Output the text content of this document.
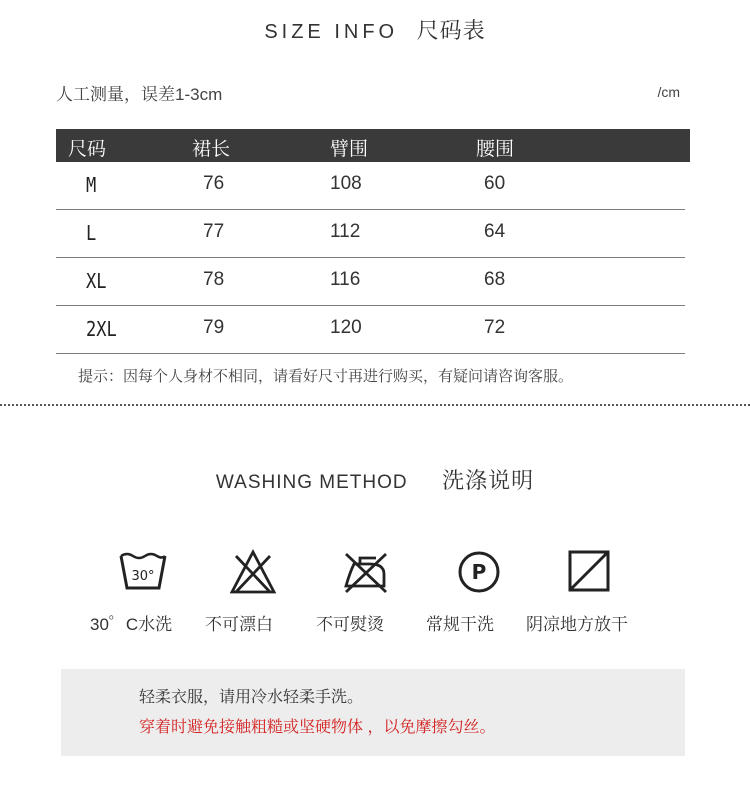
SIZE INFO 尺码表
人工测量，误差1-3cm	/cm
尺码	裙长	臂围	腰围
M	76	108	60
L	77	112	64
XL	78	116	68
2XL	79	120	72
提示：因每个人身材不相同，请看好尺寸再进行购买，有疑问请咨询客服。
WASHING METHOD 洗涤说明
30°
30゜C水洗 不可漂白	不可熨烫
P
常规干洗 阴凉地方放干
轻柔衣服，请用冷水轻柔手洗。
穿着时避免接触粗糙或坚硬物体 ，以免摩擦勾丝。
